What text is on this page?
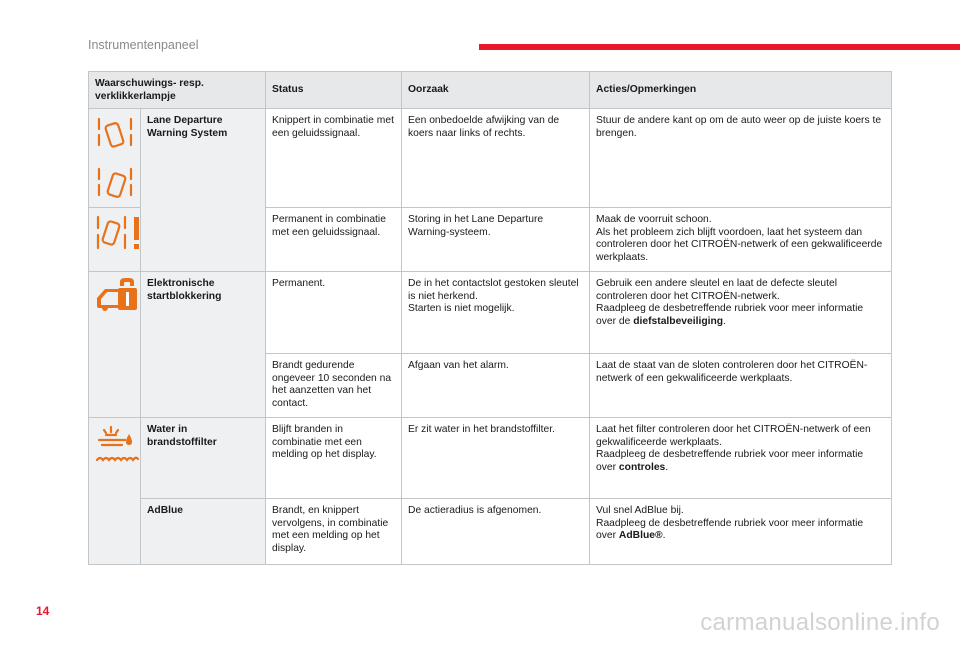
Instrumentenpaneel
Waarschuwings- resp. verklikkerlampje		Status	Oorzaak	Acties/Opmerkingen

	Lane Departure Warning System	Knippert in combinatie met een geluidssignaal.	Een onbedoelde afwijking van de koers naar links of rechts.	Stuur de andere kant op om de auto weer op de juiste koers te brengen.

	Permanent in combinatie met een geluidssignaal.	Storing in het Lane Departure Warning-systeem.	Maak de voorruit schoon.
Als het probleem zich blijft voordoen, laat het systeem dan controleren door het CITROËN-netwerk of een gekwalificeerde werkplaats.

	Elektronische startblokkering	Permanent.	De in het contactslot gestoken sleutel is niet herkend.
Starten is niet mogelijk.	Gebruik een andere sleutel en laat de defecte sleutel controleren door het CITROËN-netwerk.
Raadpleeg de desbetreffende rubriek voor meer informatie over de diefstalbeveiliging.
		Brandt gedurende ongeveer 10 seconden na het aanzetten van het contact.	Afgaan van het alarm.	Laat de staat van de sloten controleren door het CITROËN-netwerk of een gekwalificeerde werkplaats.

	Water in brandstoffilter	Blijft branden in combinatie met een melding op het display.	Er zit water in het brandstoffilter.	Laat het filter controleren door het CITROËN-netwerk of een gekwalificeerde werkplaats.
Raadpleeg de desbetreffende rubriek voor meer informatie over controles.
	AdBlue	Brandt, en knippert vervolgens, in combinatie met een melding op het display.	De actieradius is afgenomen.	Vul snel AdBlue bij.
Raadpleeg de desbetreffende rubriek voor meer informatie over AdBlue®.
14	carmanualsonline.info
